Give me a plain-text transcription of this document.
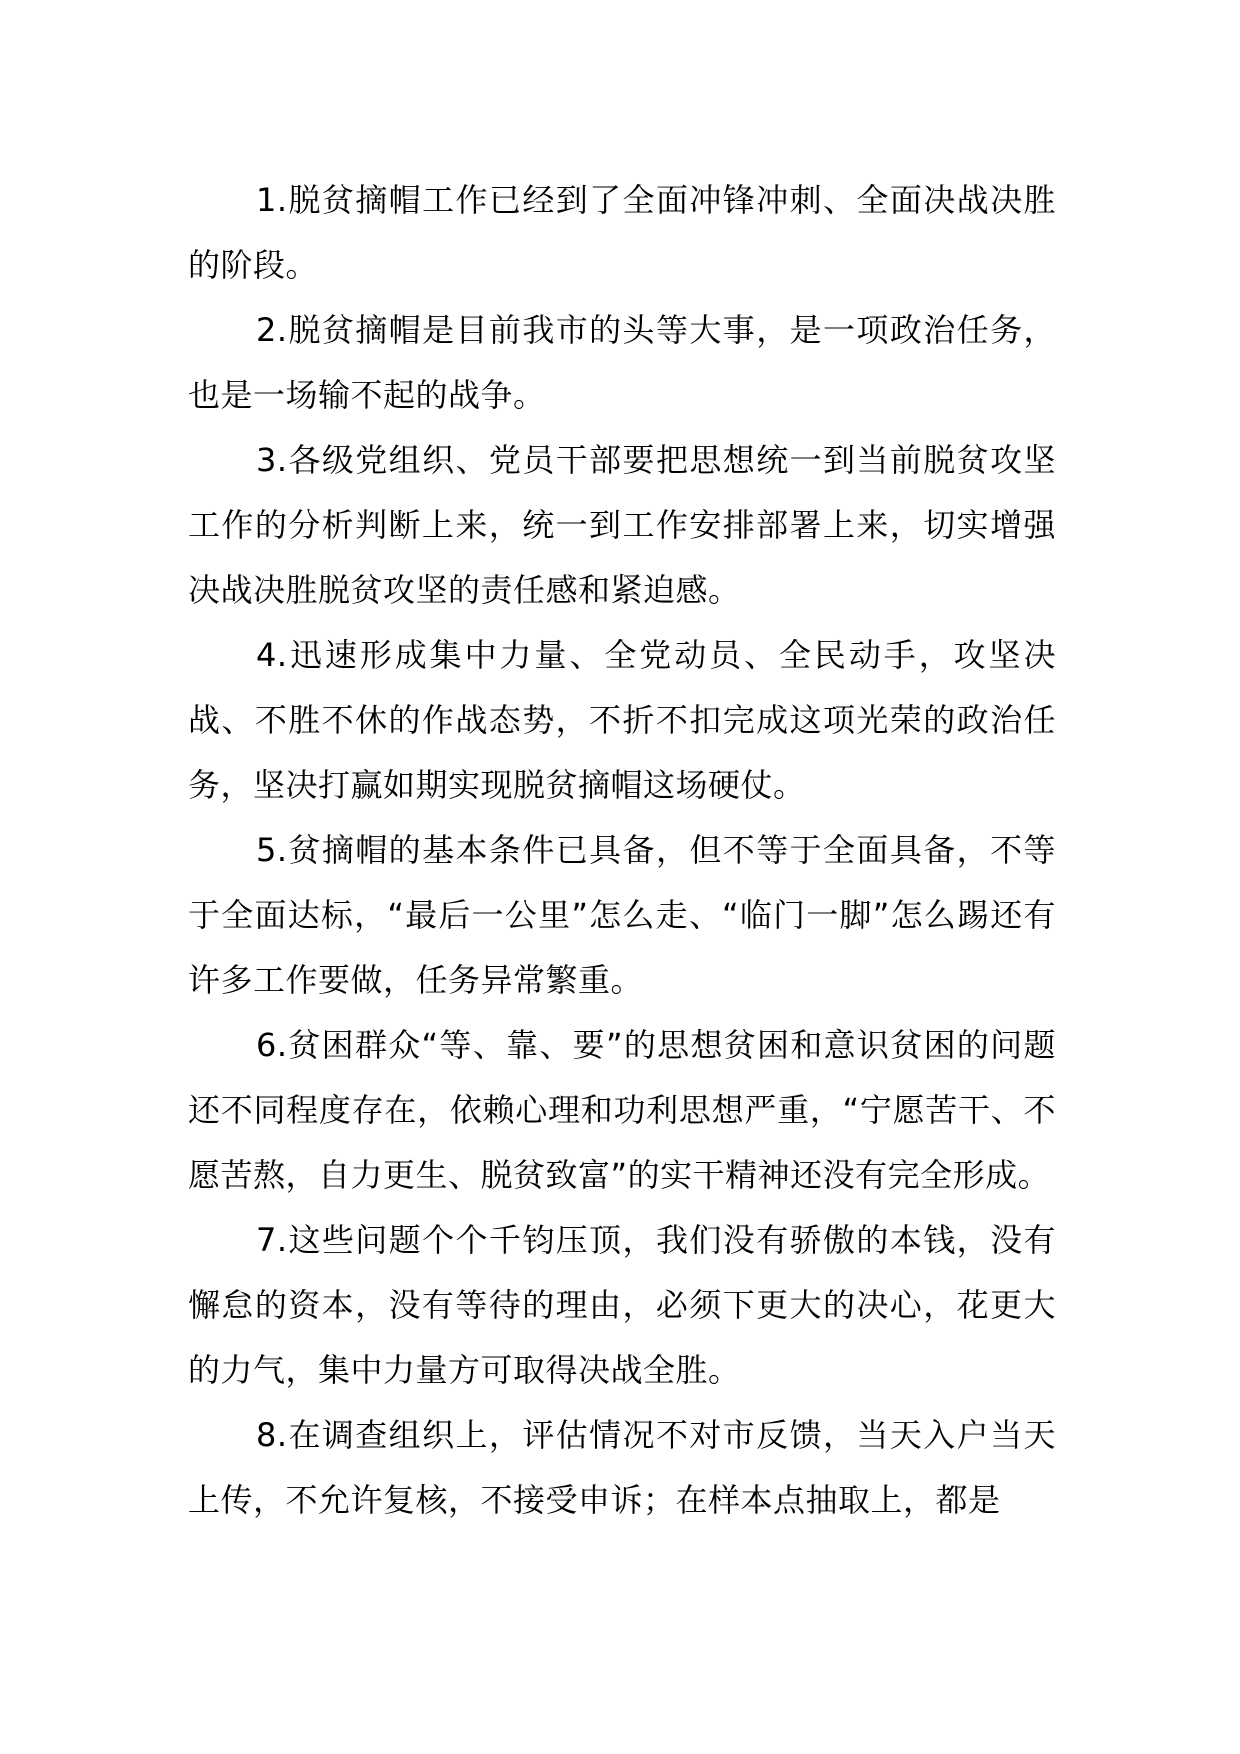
1.脱贫摘帽工作已经到了全面冲锋冲刺、全面决战决胜的阶段。

2.脱贫摘帽是目前我市的头等大事，是一项政治任务，也是一场输不起的战争。

3.各级党组织、党员干部要把思想统一到当前脱贫攻坚工作的分析判断上来，统一到工作安排部署上来，切实增强决战决胜脱贫攻坚的责任感和紧迫感。

4.迅速形成集中力量、全党动员、全民动手，攻坚决战、不胜不休的作战态势，不折不扣完成这项光荣的政治任务，坚决打赢如期实现脱贫摘帽这场硬仗。

5.贫摘帽的基本条件已具备，但不等于全面具备，不等于全面达标，“最后一公里”怎么走、“临门一脚”怎么踢还有许多工作要做，任务异常繁重。

6.贫困群众“等、靠、要”的思想贫困和意识贫困的问题还不同程度存在，依赖心理和功利思想严重，“宁愿苦干、不愿苦熬，自力更生、脱贫致富”的实干精神还没有完全形成。

7.这些问题个个千钧压顶，我们没有骄傲的本钱，没有懈怠的资本，没有等待的理由，必须下更大的决心，花更大的力气，集中力量方可取得决战全胜。

8.在调查组织上，评估情况不对市反馈，当天入户当天上传，不允许复核，不接受申诉；在样本点抽取上，都是
